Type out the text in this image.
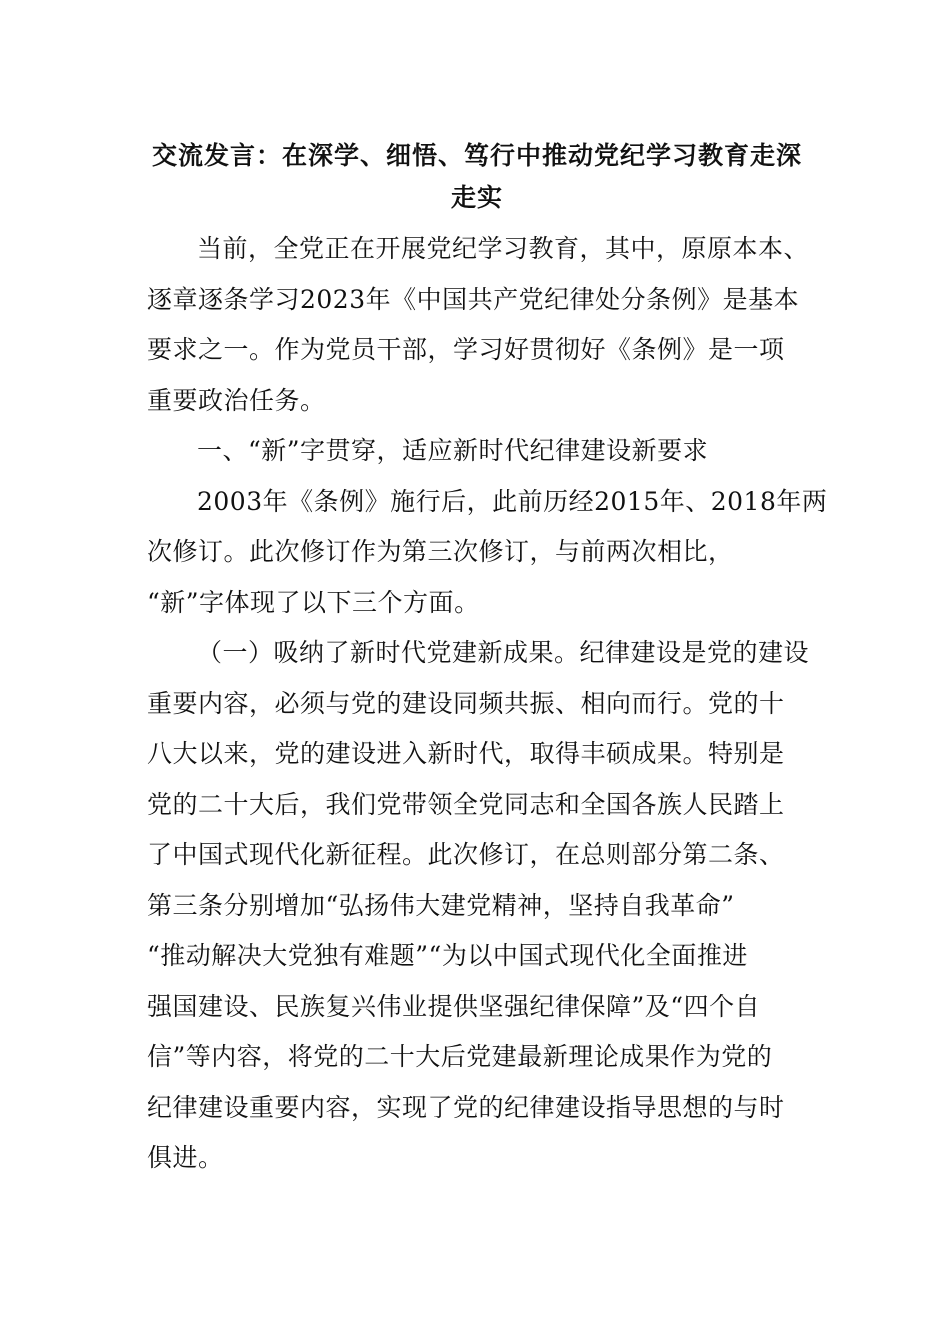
交流发言：在深学、细悟、笃行中推动党纪学习教育走深
走实

当前，全党正在开展党纪学习教育，其中，原原本本、
逐章逐条学习2023年《中国共产党纪律处分条例》是基本
要求之一。作为党员干部，学习好贯彻好《条例》是一项
重要政治任务。

一、“新”字贯穿，适应新时代纪律建设新要求

2003年《条例》施行后，此前历经2015年、2018年两
次修订。此次修订作为第三次修订，与前两次相比，
“新”字体现了以下三个方面。

（一）吸纳了新时代党建新成果。纪律建设是党的建设
重要内容，必须与党的建设同频共振、相向而行。党的十
八大以来，党的建设进入新时代，取得丰硕成果。特别是
党的二十大后，我们党带领全党同志和全国各族人民踏上
了中国式现代化新征程。此次修订，在总则部分第二条、
第三条分别增加“弘扬伟大建党精神，坚持自我革命”
“推动解决大党独有难题”“为以中国式现代化全面推进
强国建设、民族复兴伟业提供坚强纪律保障”及“四个自
信”等内容，将党的二十大后党建最新理论成果作为党的
纪律建设重要内容，实现了党的纪律建设指导思想的与时
俱进。
